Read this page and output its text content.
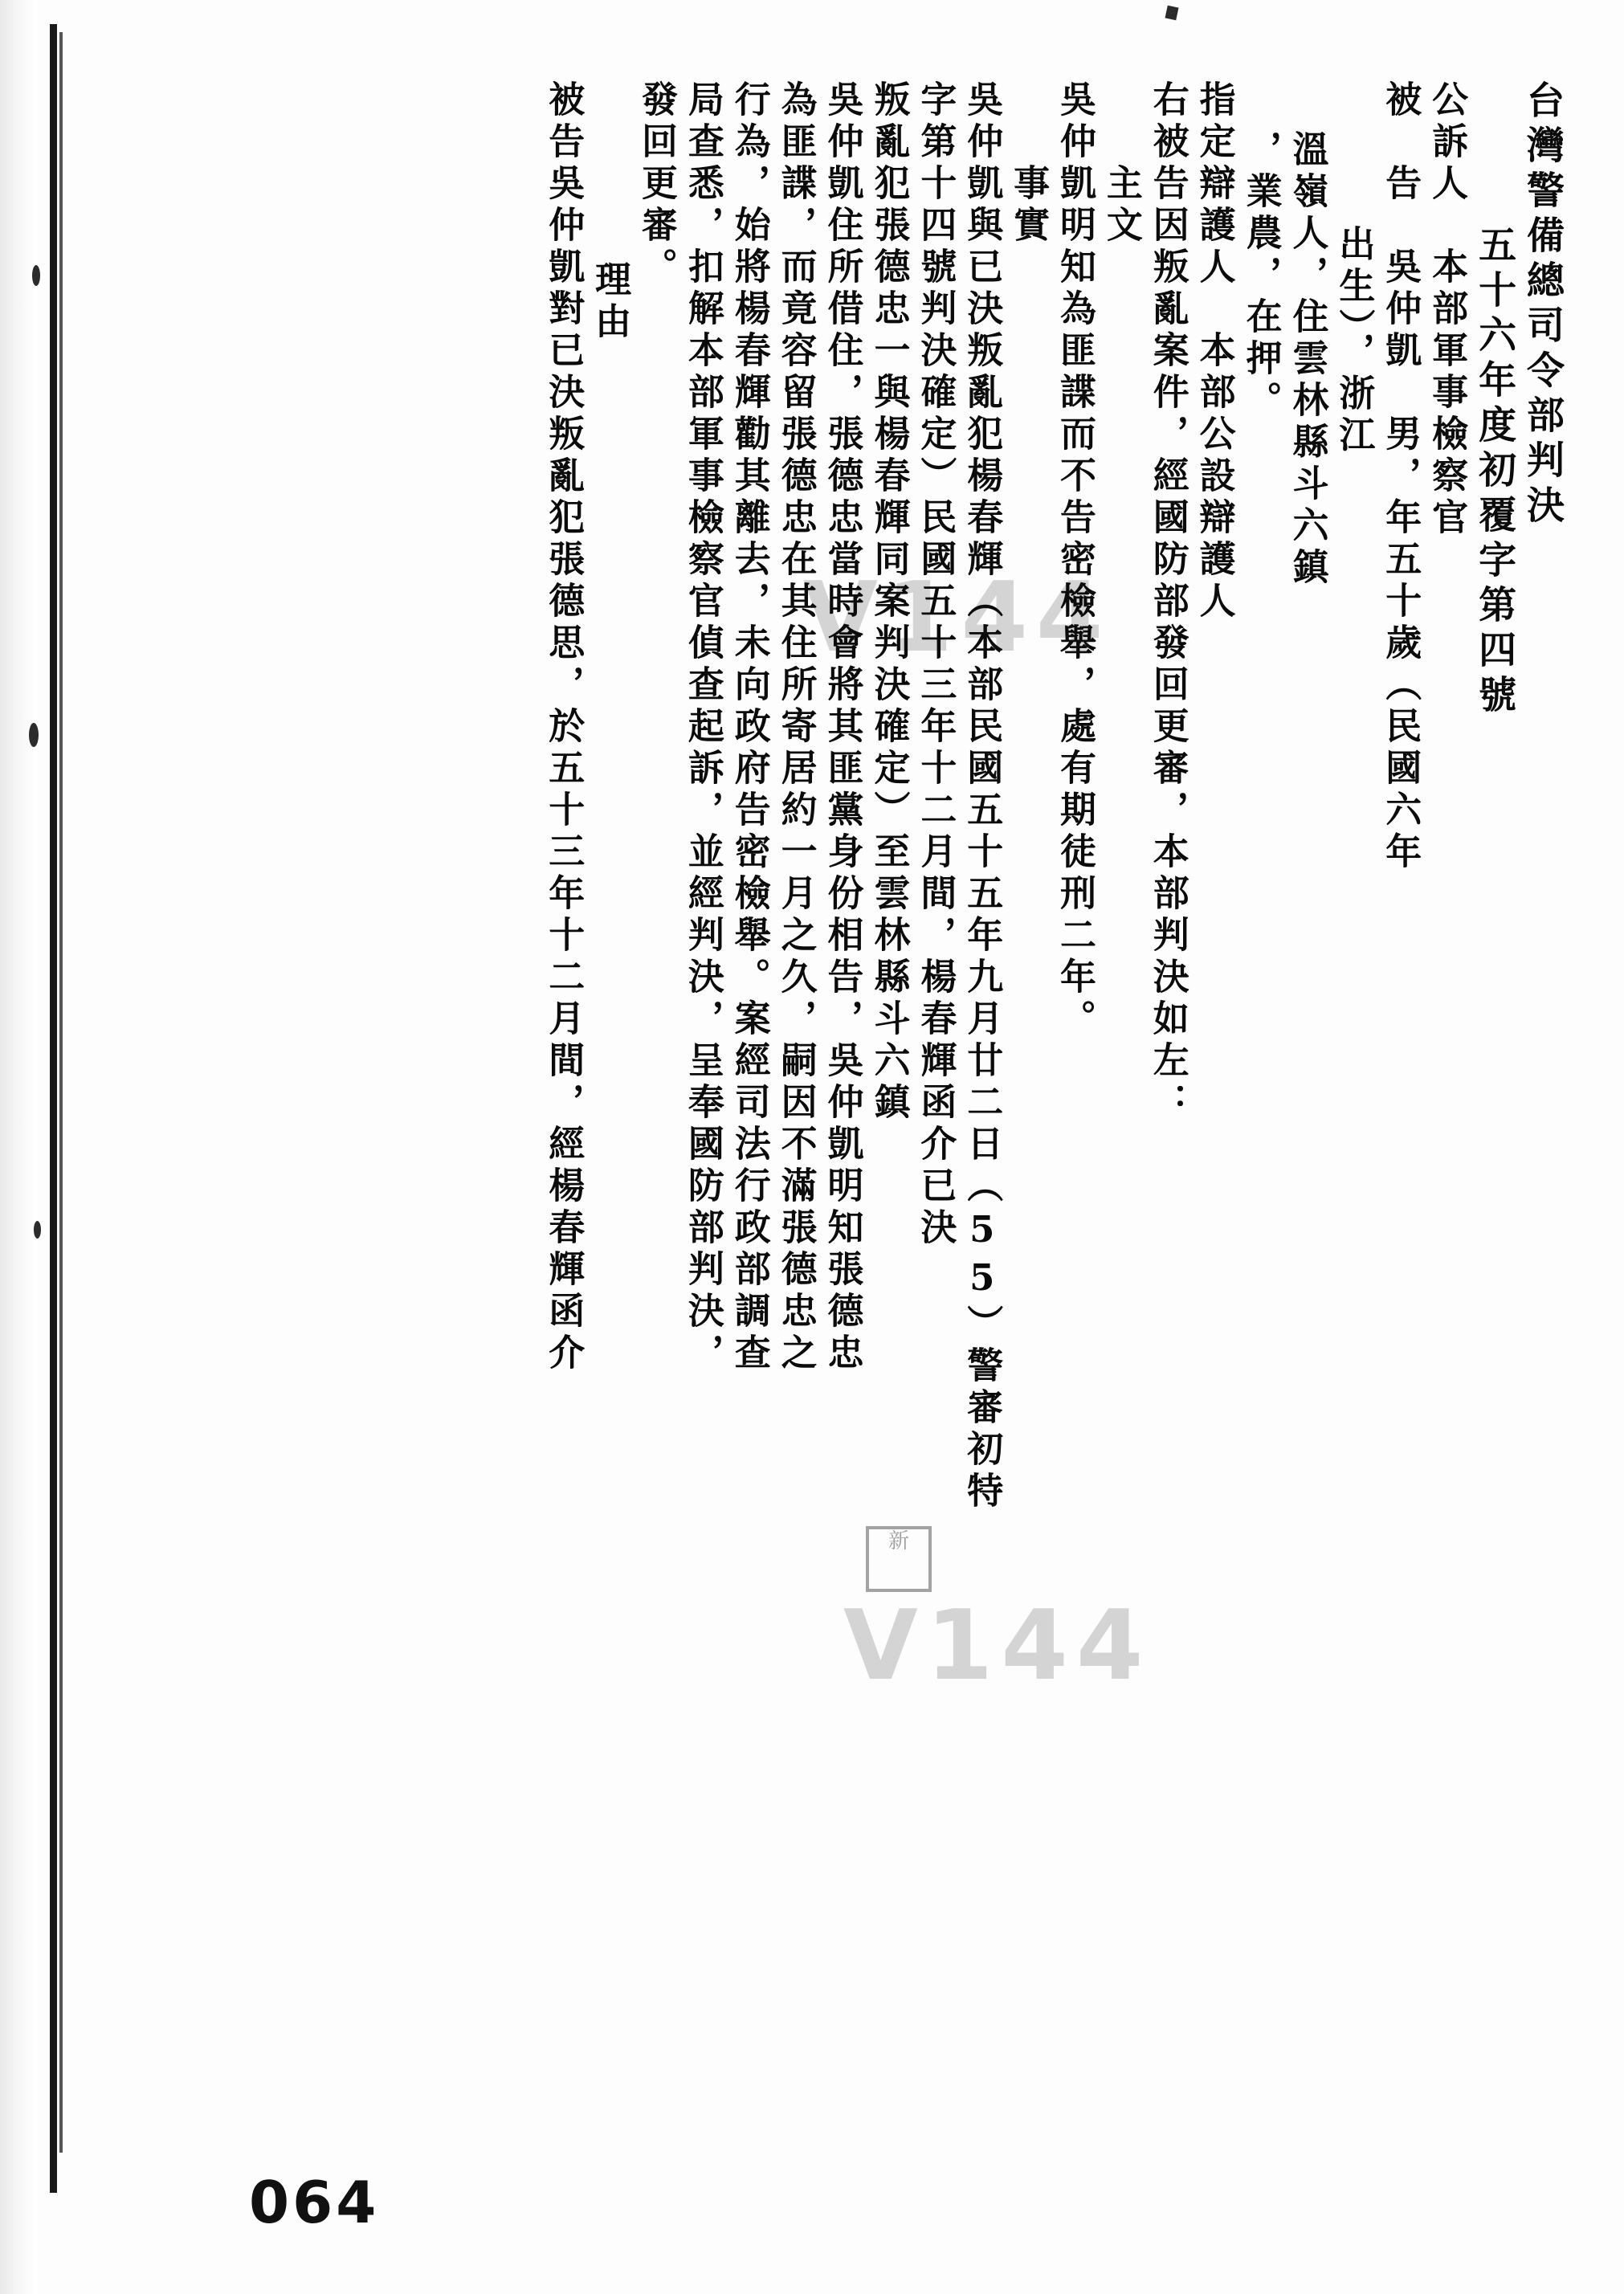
V144
V144
新
台灣警備總司令部判決
五十六年度初覆字第四號
公訴人　本部軍事檢察官
被　告　吳仲凱　男，年五十歲（民國六年
出生），浙江
溫嶺人，住雲林縣斗六鎮
，業農，在押。
指定辯護人　本部公設辯護人
右被告因叛亂案件，經國防部發回更審，本部判決如左：
　　主文
吳仲凱明知為匪諜而不告密檢舉，處有期徒刑二年。
　　事實
吳仲凱與已決叛亂犯楊春輝（本部民國五十五年九月廿二日（55）警審初特
字第十四號判決確定）民國五十三年十二月間，楊春輝函介已決
叛亂犯張德忠一與楊春輝同案判決確定）至雲林縣斗六鎮
吳仲凱住所借住，張德忠當時會將其匪黨身份相告，吳仲凱明知張德忠
為匪諜，而竟容留張德忠在其住所寄居約一月之久，嗣因不滿張德忠之
行為，始將楊春輝勸其離去，未向政府告密檢舉。案經司法行政部調查
局查悉，扣解本部軍事檢察官偵查起訴，並經判決，呈奉國防部判決，
發回更審。
　　理由
被告吳仲凱對已決叛亂犯張德思，於五十三年十二月間，經楊春輝函介
064
